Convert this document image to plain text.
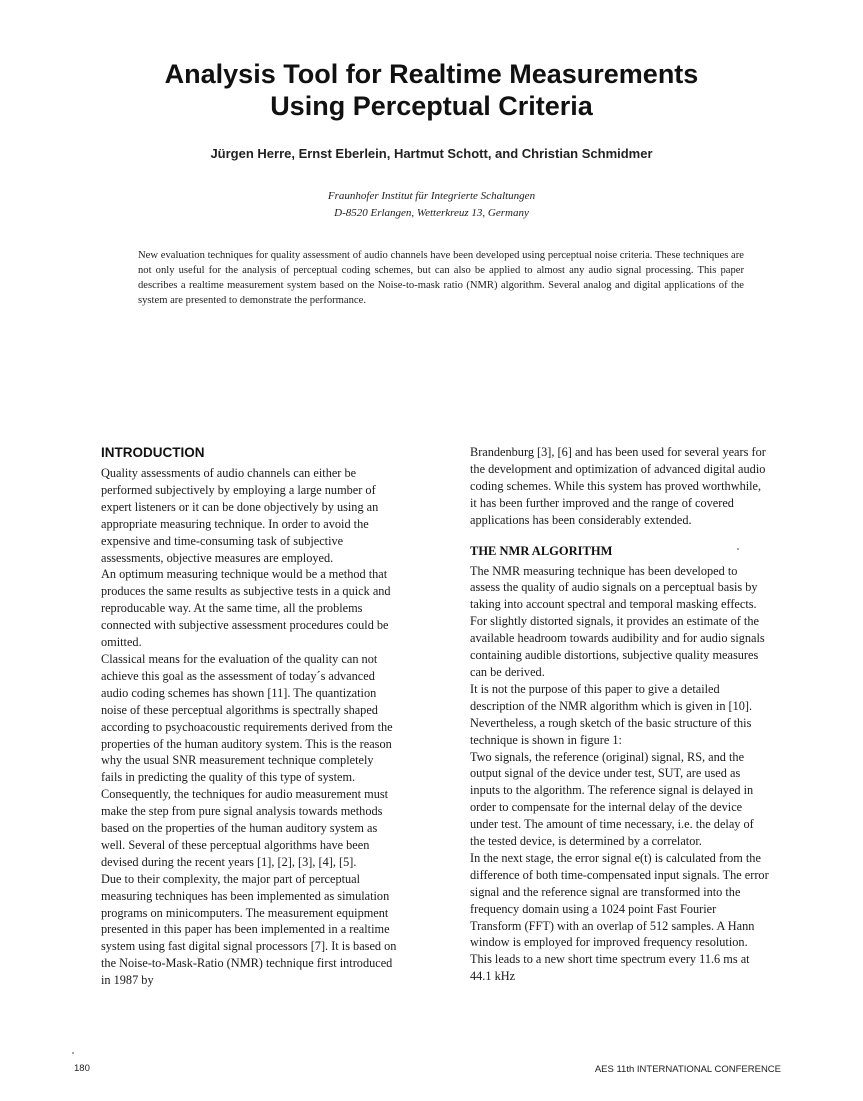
Analysis Tool for Realtime Measurements
Using Perceptual Criteria
Jürgen Herre, Ernst Eberlein, Hartmut Schott, and Christian Schmidmer
Fraunhofer Institut für Integrierte Schaltungen
D-8520 Erlangen, Wetterkreuz 13, Germany

New evaluation techniques for quality assessment of audio channels have been developed using perceptual noise criteria. These techniques are not only useful for the analysis of perceptual coding schemes, but can also be applied to almost any audio signal processing. This paper describes a realtime measurement system based on the Noise-to-mask ratio (NMR) algorithm. Several analog and digital applications of the system are presented to demonstrate the performance.

INTRODUCTION

Quality assessments of audio channels can either be performed subjectively by employing a large number of expert listeners or it can be done objectively by using an appropriate measuring technique. In order to avoid the expensive and time-consuming task of subjective assessments, objective measures are employed.

An optimum measuring technique would be a method that produces the same results as subjective tests in a quick and reproducable way. At the same time, all the problems connected with subjective assessment procedures could be omitted.

Classical means for the evaluation of the quality can not achieve this goal as the assessment of today´s advanced audio coding schemes has shown [11]. The quantization noise of these perceptual algorithms is spectrally shaped according to psychoacoustic requirements derived from the properties of the human auditory system. This is the reason why the usual SNR measurement technique completely fails in predicting the quality of this type of system.

Consequently, the techniques for audio measurement must make the step from pure signal analysis towards methods based on the properties of the human auditory system as well. Several of these perceptual algorithms have been devised during the recent years [1], [2], [3], [4], [5].

Due to their complexity, the major part of perceptual measuring techniques has been implemented as simulation programs on minicomputers. The measurement equipment presented in this paper has been implemented in a realtime system using fast digital signal processors [7]. It is based on the Noise-to-Mask-Ratio (NMR) technique first introduced in 1987 by

Brandenburg [3], [6] and has been used for several years for the development and optimization of advanced digital audio coding schemes. While this system has proved worthwhile, it has been further improved and the range of covered applications has been considerably extended.

THE NMR ALGORITHM

The NMR measuring technique has been developed to assess the quality of audio signals on a perceptual basis by taking into account spectral and temporal masking effects. For slightly distorted signals, it provides an estimate of the available headroom towards audibility and for audio signals containing audible distortions, subjective quality measures can be derived.

It is not the purpose of this paper to give a detailed description of the NMR algorithm which is given in [10]. Nevertheless, a rough sketch of the basic structure of this technique is shown in figure 1:

Two signals, the reference (original) signal, RS, and the output signal of the device under test, SUT, are used as inputs to the algorithm. The reference signal is delayed in order to compensate for the internal delay of the device under test. The amount of time necessary, i.e. the delay of the tested device, is determined by a correlator.

In the next stage, the error signal e(t) is calculated from the difference of both time-compensated input signals. The error signal and the reference signal are transformed into the frequency domain using a 1024 point Fast Fourier Transform (FFT) with an overlap of 512 samples. A Hann window is employed for improved frequency resolution. This leads to a new short time spectrum every 11.6 ms at 44.1 kHz

180	AES 11th INTERNATIONAL CONFERENCE
